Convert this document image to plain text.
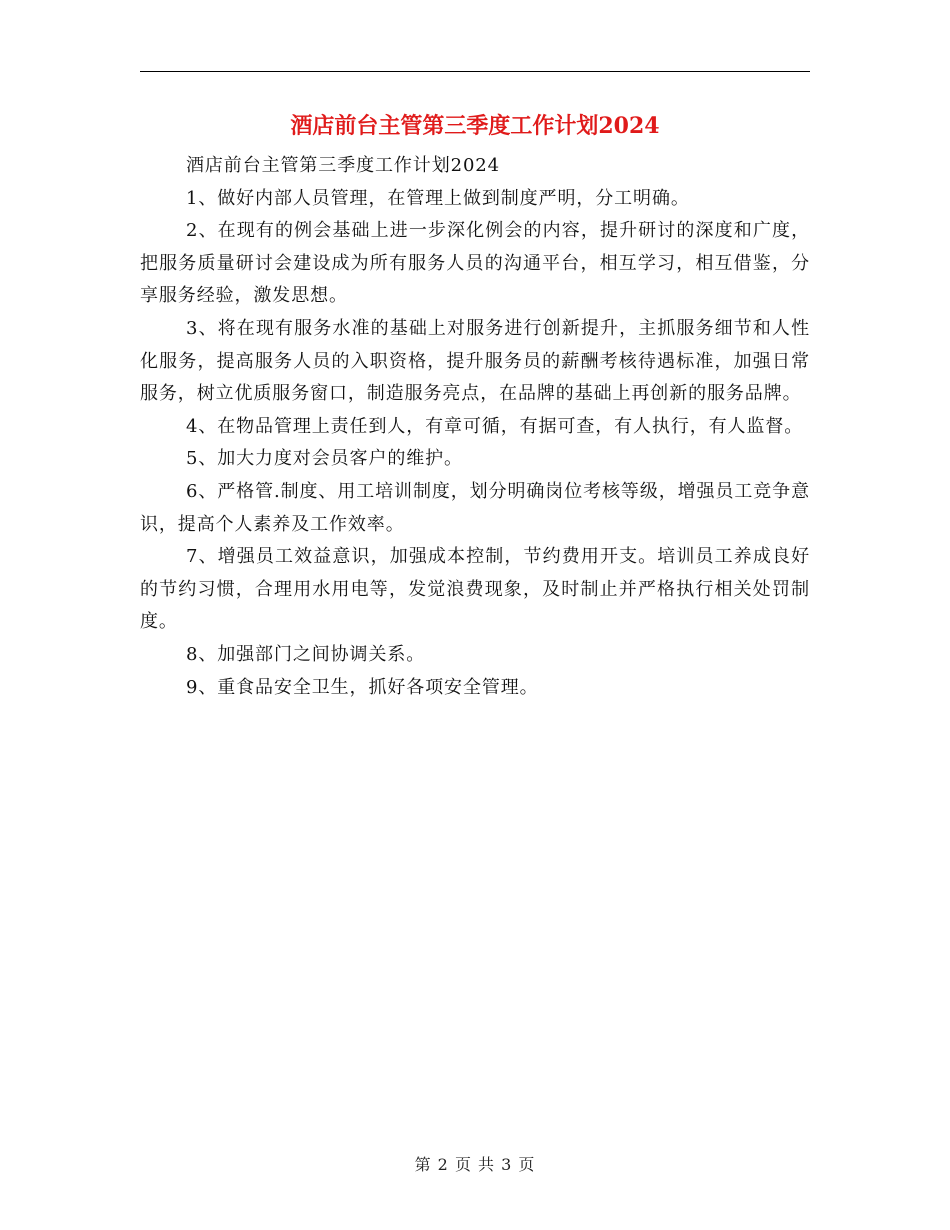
酒店前台主管第三季度工作计划2024

酒店前台主管第三季度工作计划2024

1、做好内部人员管理，在管理上做到制度严明，分工明确。

2、在现有的例会基础上进一步深化例会的内容，提升研讨的深度和广度，把服务质量研讨会建设成为所有服务人员的沟通平台，相互学习，相互借鉴，分享服务经验，激发思想。

3、将在现有服务水准的基础上对服务进行创新提升，主抓服务细节和人性化服务，提高服务人员的入职资格，提升服务员的薪酬考核待遇标准，加强日常服务，树立优质服务窗口，制造服务亮点，在品牌的基础上再创新的服务品牌。

4、在物品管理上责任到人，有章可循，有据可查，有人执行，有人监督。

5、加大力度对会员客户的维护。

6、严格管.制度、用工培训制度，划分明确岗位考核等级，增强员工竞争意识，提高个人素养及工作效率。

7、增强员工效益意识，加强成本控制，节约费用开支。培训员工养成良好的节约习惯，合理用水用电等，发觉浪费现象，及时制止并严格执行相关处罚制度。

8、加强部门之间协调关系。

9、重食品安全卫生，抓好各项安全管理。

第 2 页 共 3 页
